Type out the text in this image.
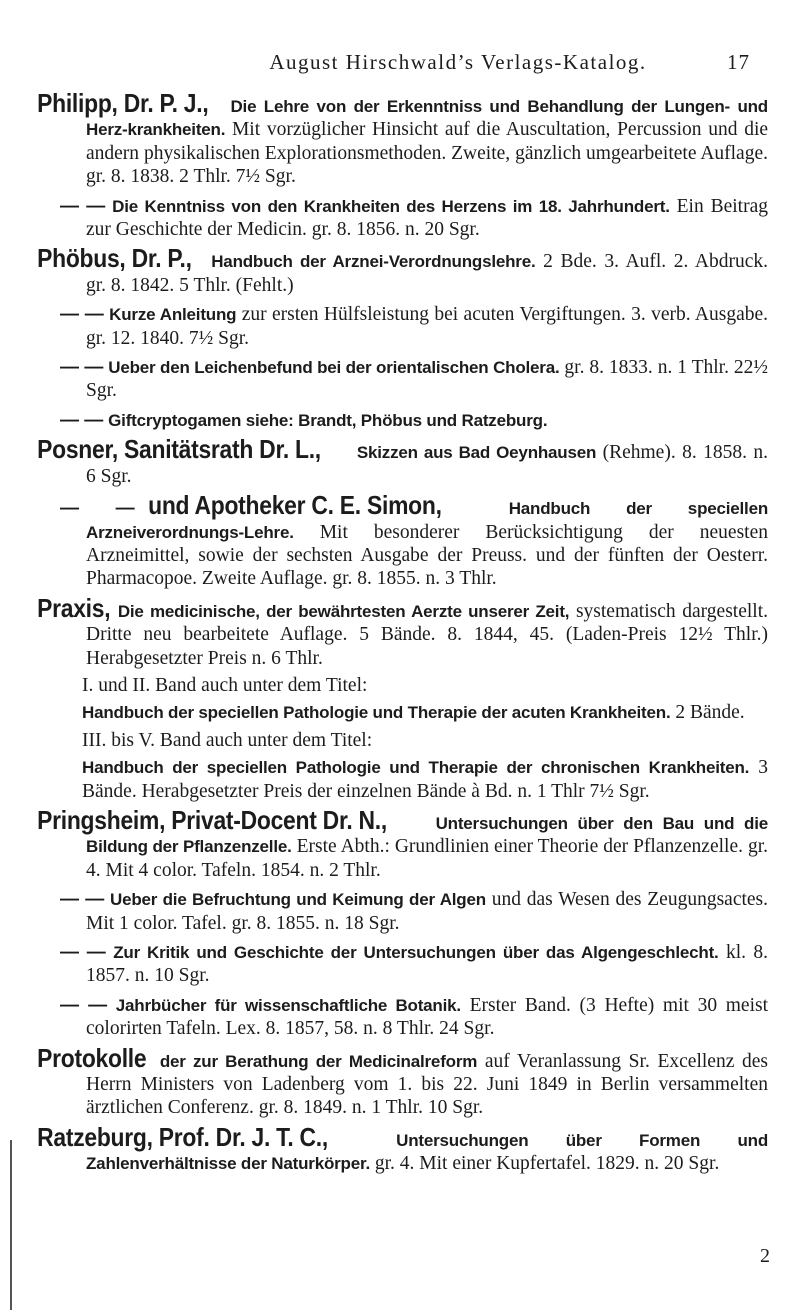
August Hirschwald’s Verlags-Katalog.	17
Philipp, Dr. P. J., Die Lehre von der Erkenntniss und Behandlung der Lungen- und Herz-krankheiten. Mit vorzüglicher Hinsicht auf die Auscultation, Percussion und die andern physikalischen Explorationsmethoden. Zweite, gänzlich umgearbeitete Auflage. gr. 8. 1838. 2 Thlr. 7½ Sgr.
— — Die Kenntniss von den Krankheiten des Herzens im 18. Jahrhundert. Ein Beitrag zur Geschichte der Medicin. gr. 8. 1856. n. 20 Sgr.
Phöbus, Dr. P., Handbuch der Arznei-Verordnungslehre. 2 Bde. 3. Aufl. 2. Abdruck. gr. 8. 1842. 5 Thlr. (Fehlt.)
— — Kurze Anleitung zur ersten Hülfsleistung bei acuten Vergiftungen. 3. verb. Ausgabe. gr. 12. 1840. 7½ Sgr.
— — Ueber den Leichenbefund bei der orientalischen Cholera. gr. 8. 1833. n. 1 Thlr. 22½ Sgr.
— — Giftcryptogamen siehe: Brandt, Phöbus und Ratzeburg.
Posner, Sanitätsrath Dr. L., Skizzen aus Bad Oeynhausen (Rehme). 8. 1858. n. 6 Sgr.
— — und Apotheker C. E. Simon,	Handbuch der speciellen Arzneiverordnungs-Lehre. Mit besonderer Berücksichtigung der neuesten Arzneimittel, sowie der sechsten Ausgabe der Preuss. und der fünften der Oesterr. Pharmacopoe. Zweite Auflage. gr. 8. 1855. n. 3 Thlr.
Praxis, Die medicinische, der bewährtesten Aerzte unserer Zeit, systematisch dargestellt. Dritte neu bearbeitete Auflage. 5 Bände. 8. 1844, 45. (Laden-Preis 12½ Thlr.) Herabgesetzter Preis n. 6 Thlr.
I. und II. Band auch unter dem Titel:
Handbuch der speciellen Pathologie und Therapie der acuten Krankheiten. 2 Bände.
III. bis V. Band auch unter dem Titel:
Handbuch der speciellen Pathologie und Therapie der chronischen Krankheiten. 3 Bände. Herabgesetzter Preis der einzelnen Bände à Bd. n. 1 Thlr 7½ Sgr.
Pringsheim, Privat-Docent Dr. N.,	Untersuchungen über den Bau und die Bildung der Pflanzenzelle. Erste Abth.: Grundlinien einer Theorie der Pflanzenzelle. gr. 4. Mit 4 color. Tafeln. 1854. n. 2 Thlr.
— — Ueber die Befruchtung und Keimung der Algen und das Wesen des Zeugungsactes. Mit 1 color. Tafel. gr. 8. 1855. n. 18 Sgr.
— — Zur Kritik und Geschichte der Untersuchungen über das Algengeschlecht. kl. 8. 1857. n. 10 Sgr.
— — Jahrbücher für wissenschaftliche Botanik. Erster Band. (3 Hefte) mit 30 meist colorirten Tafeln. Lex. 8. 1857, 58. n. 8 Thlr. 24 Sgr.
Protokolle der zur Berathung der Medicinalreform auf Veranlassung Sr. Excellenz des Herrn Ministers von Ladenberg vom 1. bis 22. Juni 1849 in Berlin versammelten ärztlichen Conferenz. gr. 8. 1849. n. 1 Thlr. 10 Sgr.
Ratzeburg, Prof. Dr. J. T. C.,	Untersuchungen über Formen und Zahlenverhältnisse der Naturkörper. gr. 4. Mit einer Kupfertafel. 1829. n. 20 Sgr.
2
